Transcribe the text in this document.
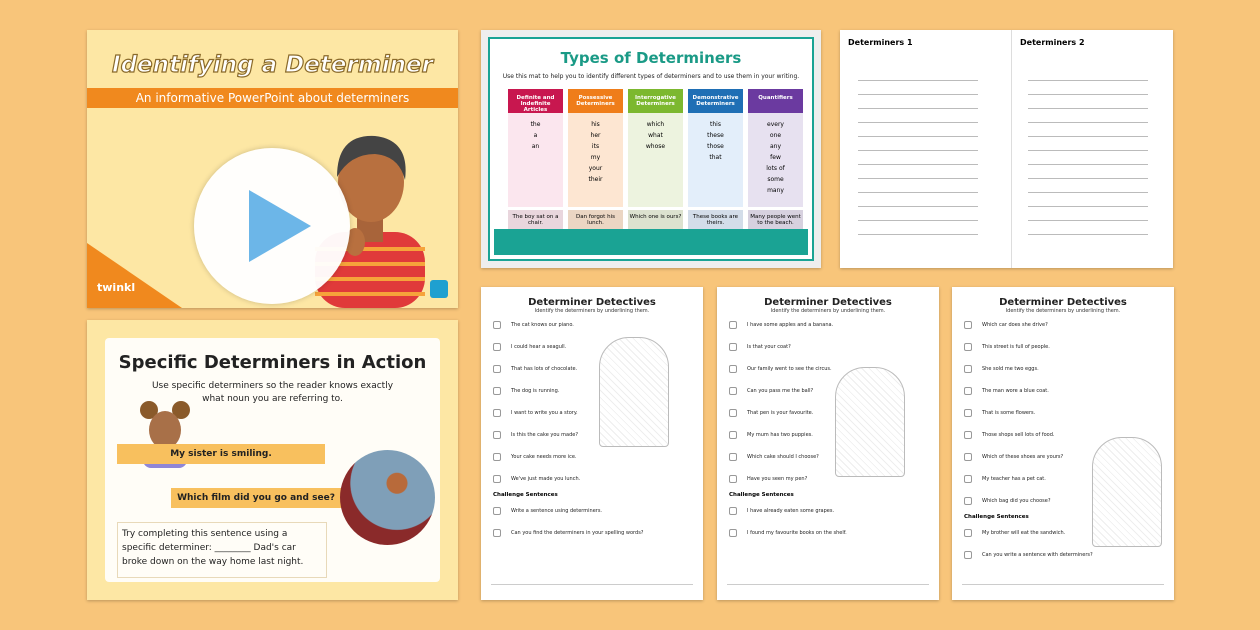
Identifying a Determiner
An informative PowerPoint about determiners
twinkl
Specific Determiners in Action
Use specific determiners so the reader knows exactly what noun you are referring to.
My sister is smiling.
Which film did you go and see?
Try completing this sentence using a specific determiner: ________ Dad's car broke down on the way home last night.
Types of Determiners
Use this mat to help you to identify different types of determiners and to use them in your writing.
Definite and Indefinite Articles
the
a
an
The boy sat on a chair.
Possessive Determiners
his
her
its
my
your
their
Dan forgot his lunch.
Interrogative Determiners
which
what
whose
Which one is ours?
Demonstrative Determiners
this
these
those
that
These books are theirs.
Quantifiers
every
one
any
few
lots of
some
many
Many people went to the beach.
Determiners 1	Determiners 2
Determiner Detectives
Identify the determiners by underlining them.
The cat knows our piano.
I could hear a seagull.
That has lots of chocolate.
The dog is running.
I want to write you a story.
Is this the cake you made?
Your cake needs more ice.
We've just made you lunch.
Challenge Sentences
Write a sentence using determiners.
Can you find the determiners in your spelling words?
Determiner Detectives
Identify the determiners by underlining them.
I have some apples and a banana.
Is that your coat?
Our family went to see the circus.
Can you pass me the ball?
That pen is your favourite.
My mum has two puppies.
Which cake should I choose?
Have you seen my pen?
Challenge Sentences
I have already eaten some grapes.
I found my favourite books on the shelf.
Determiner Detectives
Identify the determiners by underlining them.
Which car does she drive?
This street is full of people.
She sold me two eggs.
The man wore a blue coat.
That is some flowers.
Those shops sell lots of food.
Which of these shoes are yours?
My teacher has a pet cat.
Which bag did you choose?
Challenge Sentences
My brother will eat the sandwich.
Can you write a sentence with determiners?
